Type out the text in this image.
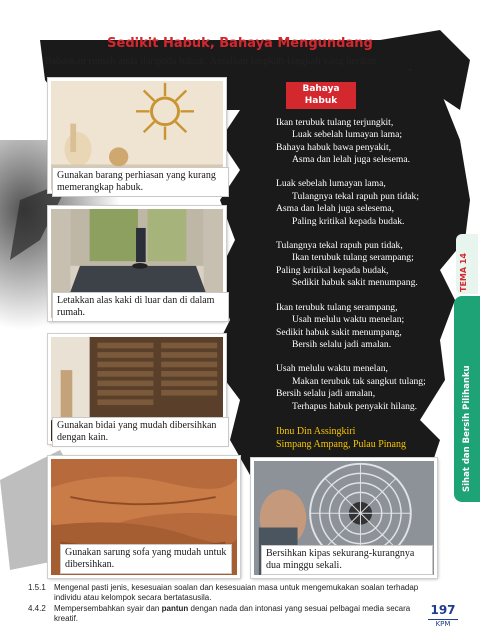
Sedikit Habuk, Bahaya Mengundang
Bebaskan rumah anda daripada habuk. Amalkan langkah-langkah yang berikut.
Gunakan barang perhiasan yang kurang memerangkap habuk.
Letakkan alas kaki di luar dan di dalam rumah.
Gunakan bidai yang mudah dibersihkan dengan kain.
Gunakan sarung sofa yang mudah untuk dibersihkan.
Bersihkan kipas sekurang-kurangnya dua minggu sekali.
Bahaya Habuk
Ikan terubuk tulang terjungkit,
Luak sebelah lumayan lama;
Bahaya habuk bawa penyakit,
Asma dan lelah juga selesema.
Luak sebelah lumayan lama,
Tulangnya tekal rapuh pun tidak;
Asma dan lelah juga selesema,
Paling kritikal kepada budak.
Tulangnya tekal rapuh pun tidak,
Ikan terubuk tulang serampang;
Paling kritikal kepada budak,
Sedikit habuk sakit menumpang.
Ikan terubuk tulang serampang,
Usah melulu waktu menelan;
Sedikit habuk sakit menumpang,
Bersih selalu jadi amalan.
Usah melulu waktu menelan,
Makan terubuk tak sangkut tulang;
Bersih selalu jadi amalan,
Terhapus habuk penyakit hilang.
Ibnu Din Assingkiri
Simpang Ampang, Pulau Pinang
TEMA 14
Sihat dan Bersih Pilihanku
1.5.1	Mengenal pasti jenis, kesesuaian soalan dan kesesuaian masa untuk mengemukakan soalan terhadap individu atau kelompok secara bertatasusila.
4.4.2	Mempersembahkan syair dan pantun dengan nada dan intonasi yang sesuai pelbagai media secara kreatif.
197
KPM
